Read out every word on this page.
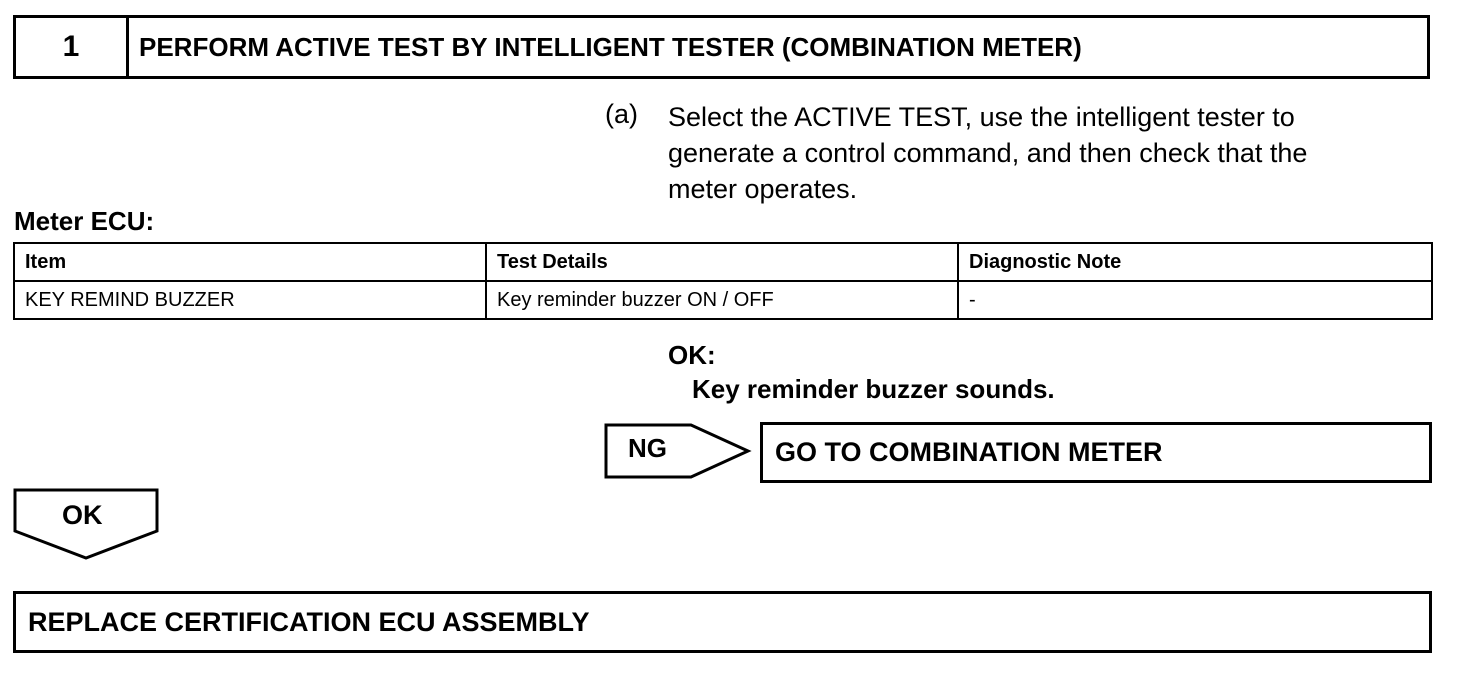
1	PERFORM ACTIVE TEST BY INTELLIGENT TESTER (COMBINATION METER)
(a) Select the ACTIVE TEST, use the intelligent tester to
generate a control command, and then check that the
meter operates.
Meter ECU:
Item	Test Details	Diagnostic Note
KEY REMIND BUZZER	Key reminder buzzer ON / OFF	-
OK:
Key reminder buzzer sounds.
NG	GO TO COMBINATION METER
OK
REPLACE CERTIFICATION ECU ASSEMBLY
